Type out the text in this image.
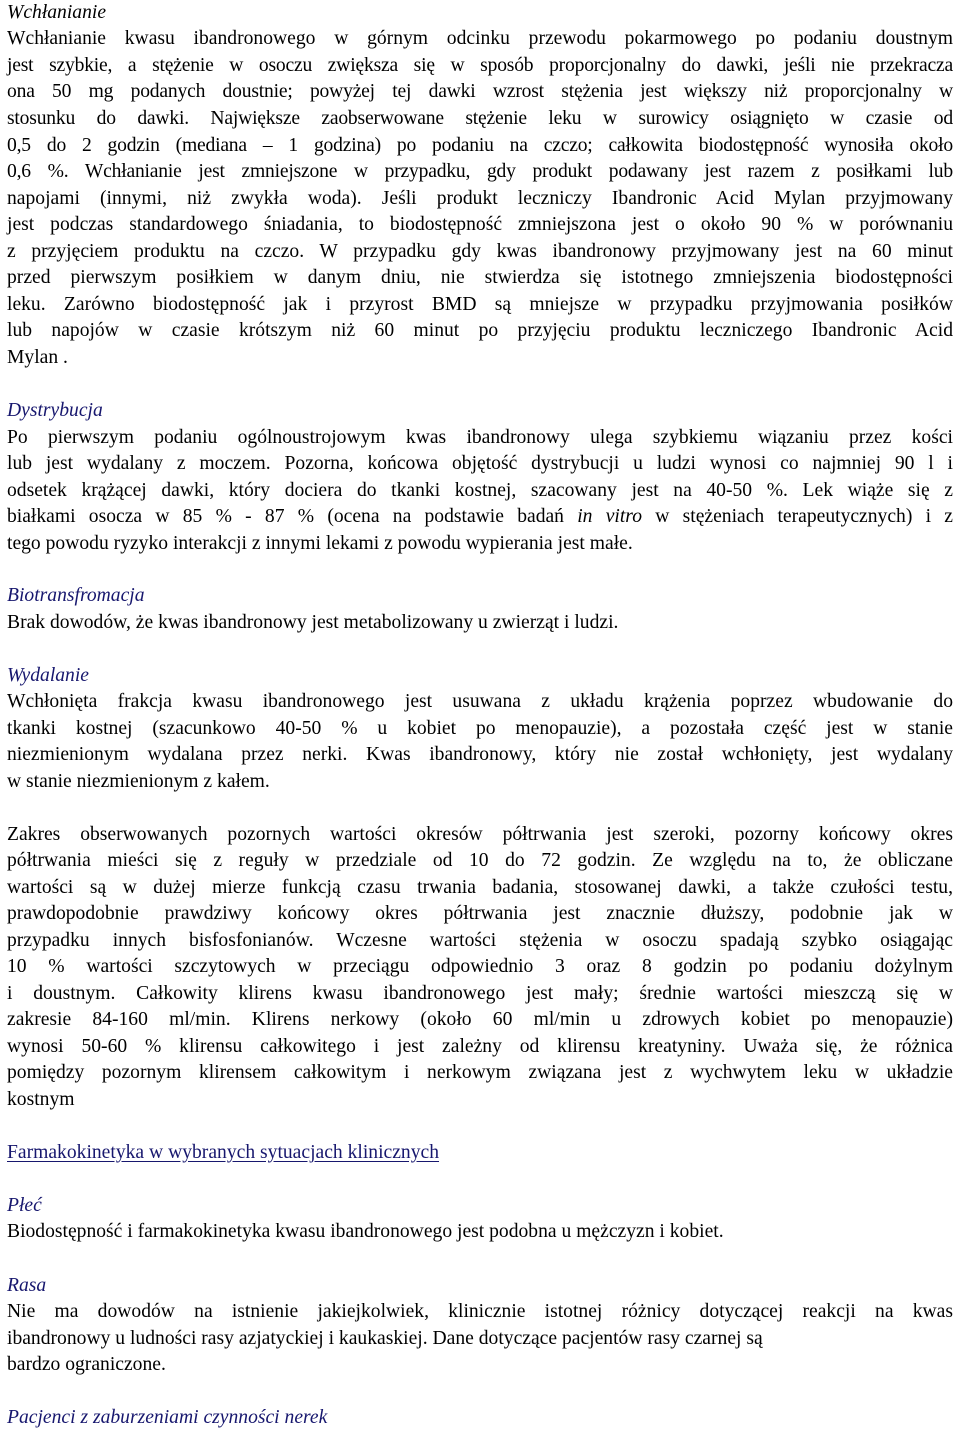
Wchłanianie
Wchłanianie kwasu ibandronowego w górnym odcinku przewodu pokarmowego po podaniu doustnym
jest szybkie, a stężenie w osoczu zwiększa się w sposób proporcjonalny do dawki, jeśli nie przekracza
ona 50 mg podanych doustnie; powyżej tej dawki wzrost stężenia jest większy niż proporcjonalny w
stosunku do dawki. Największe zaobserwowane stężenie leku w surowicy osiągnięto w czasie od
0,5 do 2 godzin (mediana – 1 godzina) po podaniu na czczo; całkowita biodostępność wynosiła około
0,6 %. Wchłanianie jest zmniejszone w przypadku, gdy produkt podawany jest razem z posiłkami lub
napojami (innymi, niż zwykła woda). Jeśli produkt leczniczy Ibandronic Acid Mylan przyjmowany
jest podczas standardowego śniadania, to biodostępność zmniejszona jest o około 90 % w porównaniu
z przyjęciem produktu na czczo. W przypadku gdy kwas ibandronowy przyjmowany jest na 60 minut
przed pierwszym posiłkiem w danym dniu, nie stwierdza się istotnego zmniejszenia biodostępności
leku. Zarówno biodostępność jak i przyrost BMD są mniejsze w przypadku przyjmowania posiłków
lub napojów w czasie krótszym niż 60 minut po przyjęciu produktu leczniczego Ibandronic Acid
Mylan .
Dystrybucja
Po pierwszym podaniu ogólnoustrojowym kwas ibandronowy ulega szybkiemu wiązaniu przez kości
lub jest wydalany z moczem. Pozorna, końcowa objętość dystrybucji u ludzi wynosi co najmniej 90 l i
odsetek krążącej dawki, który dociera do tkanki kostnej, szacowany jest na 40-50 %. Lek wiąże się z
białkami osocza w 85 % - 87 % (ocena na podstawie badań in vitro w stężeniach terapeutycznych) i z
tego powodu ryzyko interakcji z innymi lekami z powodu wypierania jest małe.
Biotransfromacja
Brak dowodów, że kwas ibandronowy jest metabolizowany u zwierząt i ludzi.
Wydalanie
Wchłonięta frakcja kwasu ibandronowego jest usuwana z układu krążenia poprzez wbudowanie do
tkanki kostnej (szacunkowo 40-50 % u kobiet po menopauzie), a pozostała część jest w stanie
niezmienionym wydalana przez nerki. Kwas ibandronowy, który nie został wchłonięty, jest wydalany
w stanie niezmienionym z kałem.
Zakres obserwowanych pozornych wartości okresów półtrwania jest szeroki, pozorny końcowy okres
półtrwania mieści się z reguły w przedziale od 10 do 72 godzin. Ze względu na to, że obliczane
wartości są w dużej mierze funkcją czasu trwania badania, stosowanej dawki, a także czułości testu,
prawdopodobnie prawdziwy końcowy okres półtrwania jest znacznie dłuższy, podobnie jak w
przypadku innych bisfosfonianów. Wczesne wartości stężenia w osoczu spadają szybko osiągając
10 % wartości szczytowych w przeciągu odpowiednio 3 oraz 8 godzin po podaniu dożylnym
i doustnym. Całkowity klirens kwasu ibandronowego jest mały; średnie wartości mieszczą się w
zakresie 84-160 ml/min. Klirens nerkowy (około 60 ml/min u zdrowych kobiet po menopauzie)
wynosi 50-60 % klirensu całkowitego i jest zależny od klirensu kreatyniny. Uważa się, że różnica
pomiędzy pozornym klirensem całkowitym i nerkowym związana jest z wychwytem leku w układzie
kostnym
Farmakokinetyka w wybranych sytuacjach klinicznych
Płeć
Biodostępność i farmakokinetyka kwasu ibandronowego jest podobna u mężczyzn i kobiet.
Rasa
Nie ma dowodów na istnienie jakiejkolwiek, klinicznie istotnej różnicy dotyczącej reakcji na kwas
ibandronowy u ludności rasy azjatyckiej i kaukaskiej. Dane dotyczące pacjentów rasy czarnej są
bardzo ograniczone.
Pacjenci z zaburzeniami czynności nerek
